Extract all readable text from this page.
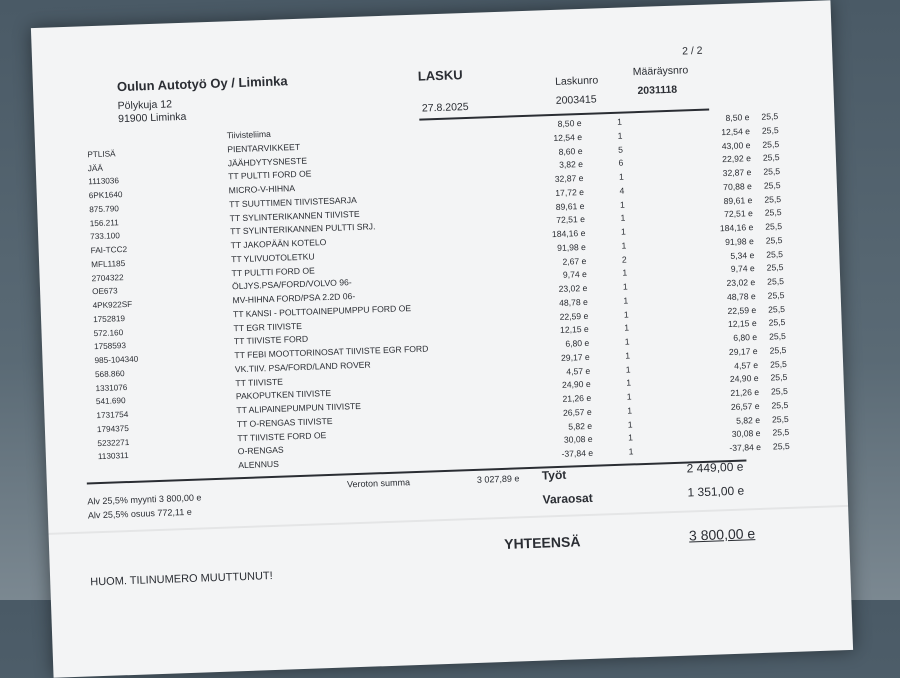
2 / 2
Oulun Autotyö Oy / Liminka
Pölykuja 12
91900 Liminka
LASKU
27.8.2025
Laskunro
2003415
Määräysnro
2031118
	Tiivisteliima	8,50 e	1	8,50 e	25,5
PTLISÄ	PIENTARVIKKEET	12,54 e	1	12,54 e	25,5
JÄÄ	JÄÄHDYTYSNESTE	8,60 e	5	43,00 e	25,5
1113036	TT PULTTI FORD OE	3,82 e	6	22,92 e	25,5
6PK1640	MICRO-V-HIHNA	32,87 e	1	32,87 e	25,5
875.790	TT SUUTTIMEN TIIVISTESARJA	17,72 e	4	70,88 e	25,5
156.211	TT SYLINTERIKANNEN TIIVISTE	89,61 e	1	89,61 e	25,5
733.100	TT SYLINTERIKANNEN PULTTI SRJ.	72,51 e	1	72,51 e	25,5
FAI-TCC2	TT JAKOPÄÄN KOTELO	184,16 e	1	184,16 e	25,5
MFL1185	TT YLIVUOTOLETKU	91,98 e	1	91,98 e	25,5
2704322	TT PULTTI FORD OE	2,67 e	2	5,34 e	25,5
OE673	ÖLJYS.PSA/FORD/VOLVO 96-	9,74 e	1	9,74 e	25,5
4PK922SF	MV-HIHNA FORD/PSA 2.2D 06-	23,02 e	1	23,02 e	25,5
1752819	TT KANSI - POLTTOAINEPUMPPU FORD OE	48,78 e	1	48,78 e	25,5
572.160	TT EGR TIIVISTE	22,59 e	1	22,59 e	25,5
1758593	TT TIIVISTE FORD	12,15 e	1	12,15 e	25,5
985-104340	TT FEBI MOOTTORINOSAT TIIVISTE EGR FORD	6,80 e	1	6,80 e	25,5
568.860	VK.TIIV. PSA/FORD/LAND ROVER	29,17 e	1	29,17 e	25,5
1331076	TT TIIVISTE	4,57 e	1	4,57 e	25,5
541.690	PAKOPUTKEN TIIVISTE	24,90 e	1	24,90 e	25,5
1731754	TT ALIPAINEPUMPUN TIIVISTE	21,26 e	1	21,26 e	25,5
1794375	TT O-RENGAS TIIVISTE	26,57 e	1	26,57 e	25,5
5232271	TT TIIVISTE FORD OE	5,82 e	1	5,82 e	25,5
1130311	O-RENGAS	30,08 e	1	30,08 e	25,5
	ALENNUS	-37,84 e	1	-37,84 e	25,5
Alv 25,5% myynti 3 800,00 e
Alv 25,5% osuus 772,11 e
Veroton summa	3 027,89 e Työt	2 449,00 e
Varaosat	1 351,00 e
YHTEENSÄ	3 800,00 e
HUOM. TILINUMERO MUUTTUNUT!
